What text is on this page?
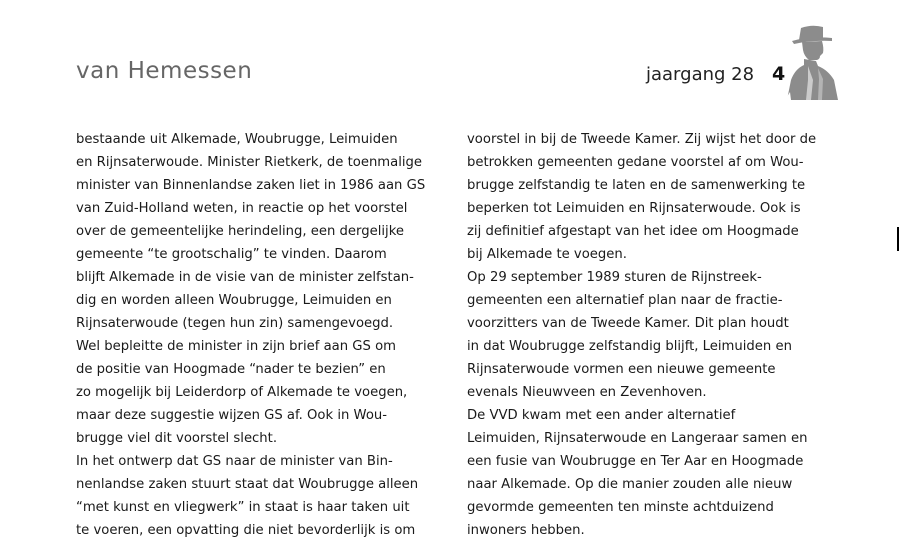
van Hemessen	jaargang 28 4
bestaande uit Alkemade, Woubrugge, Leimuiden
en Rijnsaterwoude. Minister Rietkerk, de toenmalige
minister van Binnenlandse zaken liet in 1986 aan GS
van Zuid-Holland weten, in reactie op het voorstel
over de gemeentelijke herindeling, een dergelijke
gemeente “te grootschalig” te vinden. Daarom
blijft Alkemade in de visie van de minister zelfstan-
dig en worden alleen Woubrugge, Leimuiden en
Rijnsaterwoude (tegen hun zin) samengevoegd.
Wel bepleitte de minister in zijn brief aan GS om
de positie van Hoogmade “nader te bezien” en
zo mogelijk bij Leiderdorp of Alkemade te voegen,
maar deze suggestie wijzen GS af. Ook in Wou-
brugge viel dit voorstel slecht.
In het ontwerp dat GS naar de minister van Bin-
nenlandse zaken stuurt staat dat Woubrugge alleen
“met kunst en vliegwerk” in staat is haar taken uit
te voeren, een opvatting die niet bevorderlijk is om
voorstel in bij de Tweede Kamer. Zij wijst het door de
betrokken gemeenten gedane voorstel af om Wou-
brugge zelfstandig te laten en de samenwerking te
beperken tot Leimuiden en Rijnsaterwoude. Ook is
zij definitief afgestapt van het idee om Hoogmade
bij Alkemade te voegen.
Op 29 september 1989 sturen de Rijnstreek-
gemeenten een alternatief plan naar de fractie-
voorzitters van de Tweede Kamer. Dit plan houdt
in dat Woubrugge zelfstandig blijft, Leimuiden en
Rijnsaterwoude vormen een nieuwe gemeente
evenals Nieuwveen en Zevenhoven.
De VVD kwam met een ander alternatief
Leimuiden, Rijnsaterwoude en Langeraar samen en
een fusie van Woubrugge en Ter Aar en Hoogmade
naar Alkemade. Op die manier zouden alle nieuw
gevormde gemeenten ten minste achtduizend
inwoners hebben.
